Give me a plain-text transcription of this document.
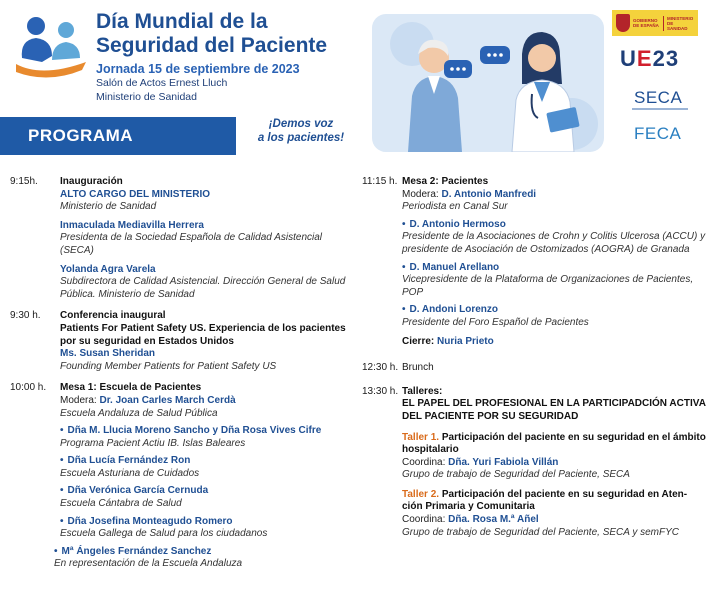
Día Mundial de la
Seguridad del Paciente
Jornada 15 de septiembre de 2023
Salón de Actos Ernest Lluch
Ministerio de Sanidad
GOBIERNO DE ESPAÑA
MINISTERIO DE SANIDAD
UE23
SECA
FECA
PROGRAMA
¡Demos voz
a los pacientes!
9:15h.	Inauguración
ALTO CARGO DEL MINISTERIO
Ministerio de Sanidad
Inmaculada Mediavilla Herrera
Presidenta de la Sociedad Española de Calidad Asistencial (SECA)
Yolanda Agra Varela
Subdirectora de Calidad Asistencial. Dirección General de Salud
Pública. Ministerio de Sanidad
9:30 h.	Conferencia inaugural
Patients For Patient Safety US. Experiencia de los pacientes
por su seguridad en Estados Unidos
Ms. Susan Sheridan
Founding Member Patients for Patient Safety US
10:00 h.	Mesa 1: Escuela de Pacientes
Modera: Dr. Joan Carles March Cerdà
Escuela Andaluza de Salud Pública
• Dña M. Llucia Moreno Sancho y Dña Rosa Vives Cifre
Programa Pacient Actiu IB. Islas Baleares
• Dña Lucía Fernández Ron
Escuela Asturiana de Cuidados
• Dña Verónica García Cernuda
Escuela Cántabra de Salud
• Dña Josefina Monteagudo Romero
Escuela Gallega de Salud para los ciudadanos
• Mª Ángeles Fernández Sanchez
En representación de la Escuela Andaluza
11:15 h. Mesa 2: Pacientes
Modera: D. Antonio Manfredi
Periodista en Canal Sur
• D. Antonio Hermoso
Presidente de la Asociaciones de Crohn y Colitis Ulcerosa (ACCU) y
presidente de Asociación de Ostomizados (AOGRA) de Granada
• D. Manuel Arellano
Vicepresidente de la Plataforma de Organizaciones de Pacientes,
POP
• D. Andoni Lorenzo
Presidente del Foro Español de Pacientes
Cierre: Nuria Prieto
12:30 h. Brunch
13:30 h. Talleres:
EL PAPEL DEL PROFESIONAL EN LA PARTICIPADCIÓN ACTIVA
DEL PACIENTE POR SU SEGURIDAD
Taller 1. Participación del paciente en su seguridad en el ámbito
hospitalario
Coordina: Dña. Yuri Fabiola Villán
Grupo de trabajo de Seguridad del Paciente, SECA
Taller 2. Participación del paciente en su seguridad en Aten-
ción Primaria y Comunitaria
Coordina: Dña. Rosa M.ª Añel
Grupo de trabajo de Seguridad del Paciente, SECA y semFYC
